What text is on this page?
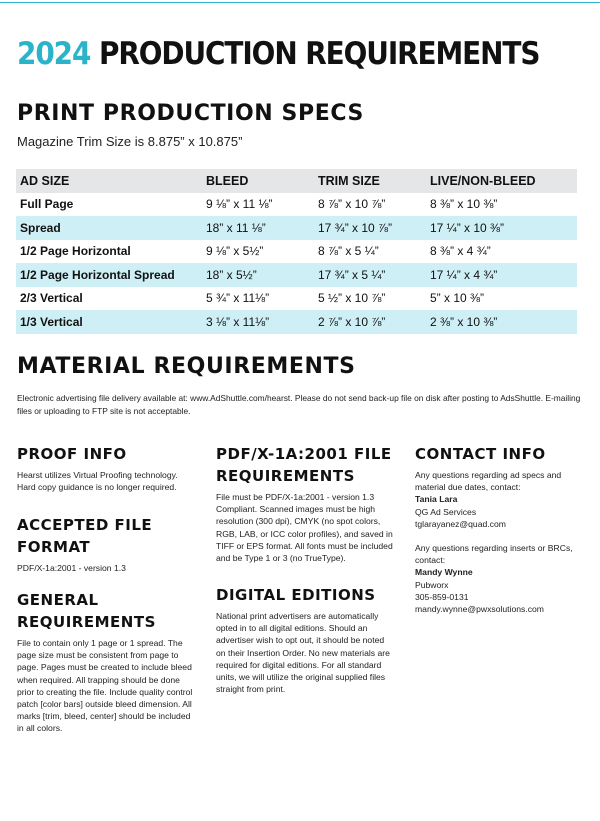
2024 PRODUCTION REQUIREMENTS
PRINT PRODUCTION SPECS
Magazine Trim Size is 8.875” x 10.875”
AD SIZE	BLEED	TRIM SIZE	LIVE/NON-BLEED
Full Page	9 ⅛” x 11 ⅛”	8 ⅞” x 10 ⅞”	8 ⅜” x 10 ⅜”
Spread	18” x 11 ⅛”	17 ¾” x 10 ⅞”	17 ¼” x 10 ⅜”
1/2 Page Horizontal	9 ⅛” x 5½”	8 ⅞” x 5 ¼”	8 ⅜” x 4 ¾”
1/2 Page Horizontal Spread	18” x 5½”	17 ¾” x 5 ¼”	17 ¼” x 4 ¾”
2/3 Vertical	5 ¾” x 11⅛”	5 ½” x 10 ⅞”	5” x 10 ⅜”
1/3 Vertical	3 ⅛” x 11⅛”	2 ⅞” x 10 ⅞”	2 ⅜” x 10 ⅜”
MATERIAL REQUIREMENTS
Electronic advertising file delivery available at: www.AdShuttle.com/hearst. Please do not send back-up file on disk after posting to AdsShuttle. E-mailing files or uploading to FTP site is not acceptable.
PROOF INFO
Hearst utilizes Virtual Proofing technology. Hard copy guidance is no longer required.
ACCEPTED FILE FORMAT
PDF/X-1a:2001 - version 1.3
GENERAL REQUIREMENTS
File to contain only 1 page or 1 spread. The page size must be consistent from page to page. Pages must be created to include bleed when required. All trapping should be done prior to creating the file. Include quality control patch [color bars] outside bleed dimension. All marks [trim, bleed, center] should be included in all colors.
PDF/X-1A:2001 FILE REQUIREMENTS
File must be PDF/X-1a:2001 - version 1.3 Compliant. Scanned images must be high resolution (300 dpi), CMYK (no spot colors, RGB, LAB, or ICC color profiles), and saved in TIFF or EPS format. All fonts must be included and be Type 1 or 3 (no TrueType).
DIGITAL EDITIONS
National print advertisers are automatically opted in to all digital editions. Should an advertiser wish to opt out, it should be noted on their Insertion Order. No new materials are required for digital editions. For all standard units, we will utilize the original supplied files straight from print.
CONTACT INFO
Any questions regarding ad specs and material due dates, contact:
Tania Lara
QG Ad Services
tglarayanez@quad.com
Any questions regarding inserts or BRCs, contact:
Mandy Wynne
Pubworx
305-859-0131
mandy.wynne@pwxsolutions.com
